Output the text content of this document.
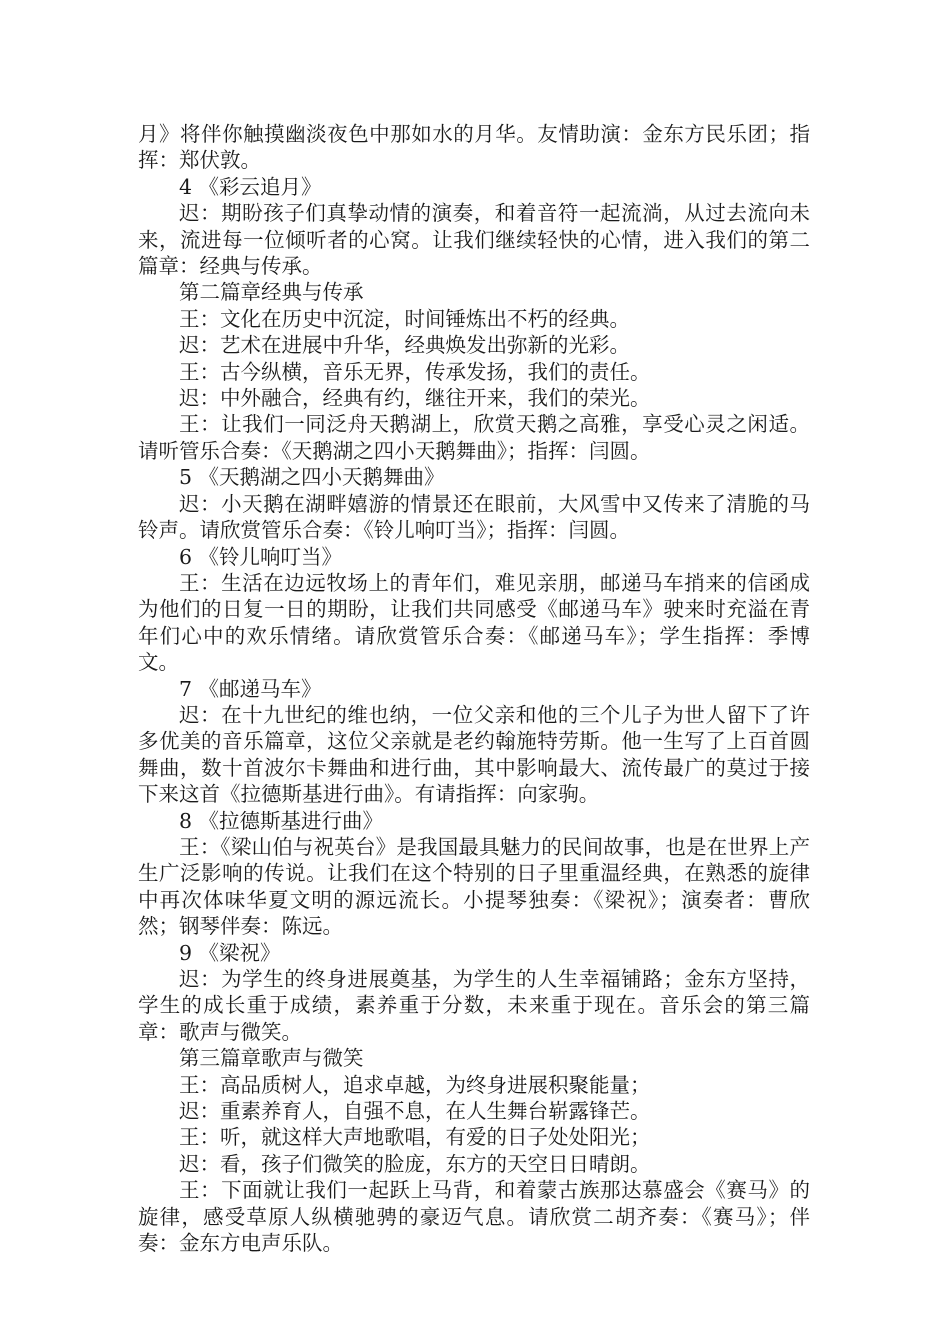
月》将伴你触摸幽淡夜色中那如水的月华。友情助演：金东方民乐团；指挥：郑伏敦。

4 《彩云追月》

迟：期盼孩子们真挚动情的演奏，和着音符一起流淌，从过去流向未来，流进每一位倾听者的心窝。让我们继续轻快的心情，进入我们的第二篇章：经典与传承。

第二篇章经典与传承

王：文化在历史中沉淀，时间锤炼出不朽的经典。

迟：艺术在进展中升华，经典焕发出弥新的光彩。

王：古今纵横，音乐无界，传承发扬，我们的责任。

迟：中外融合，经典有约，继往开来，我们的荣光。

王：让我们一同泛舟天鹅湖上，欣赏天鹅之高雅，享受心灵之闲适。请听管乐合奏：《天鹅湖之四小天鹅舞曲》；指挥：闫圆。

5 《天鹅湖之四小天鹅舞曲》

迟：小天鹅在湖畔嬉游的情景还在眼前，大风雪中又传来了清脆的马铃声。请欣赏管乐合奏：《铃儿响叮当》；指挥：闫圆。

6 《铃儿响叮当》

王：生活在边远牧场上的青年们，难见亲朋，邮递马车捎来的信函成为他们的日复一日的期盼，让我们共同感受《邮递马车》驶来时充溢在青年们心中的欢乐情绪。请欣赏管乐合奏：《邮递马车》；学生指挥：季博文。

7 《邮递马车》

迟：在十九世纪的维也纳，一位父亲和他的三个儿子为世人留下了许多优美的音乐篇章，这位父亲就是老约翰施特劳斯。他一生写了上百首圆舞曲，数十首波尔卡舞曲和进行曲，其中影响最大、流传最广的莫过于接下来这首《拉德斯基进行曲》。有请指挥：向家驹。

8 《拉德斯基进行曲》

王：《梁山伯与祝英台》是我国最具魅力的民间故事，也是在世界上产生广泛影响的传说。让我们在这个特别的日子里重温经典，在熟悉的旋律中再次体味华夏文明的源远流长。小提琴独奏：《梁祝》；演奏者：曹欣然；钢琴伴奏：陈远。

9 《梁祝》

迟：为学生的终身进展奠基，为学生的人生幸福铺路；金东方坚持，学生的成长重于成绩，素养重于分数，未来重于现在。音乐会的第三篇章：歌声与微笑。

第三篇章歌声与微笑

王：高品质树人，追求卓越，为终身进展积聚能量；

迟：重素养育人，自强不息，在人生舞台崭露锋芒。

王：听，就这样大声地歌唱，有爱的日子处处阳光；

迟：看，孩子们微笑的脸庞，东方的天空日日晴朗。

王：下面就让我们一起跃上马背，和着蒙古族那达慕盛会《赛马》的旋律，感受草原人纵横驰骋的豪迈气息。请欣赏二胡齐奏：《赛马》；伴奏：金东方电声乐队。
